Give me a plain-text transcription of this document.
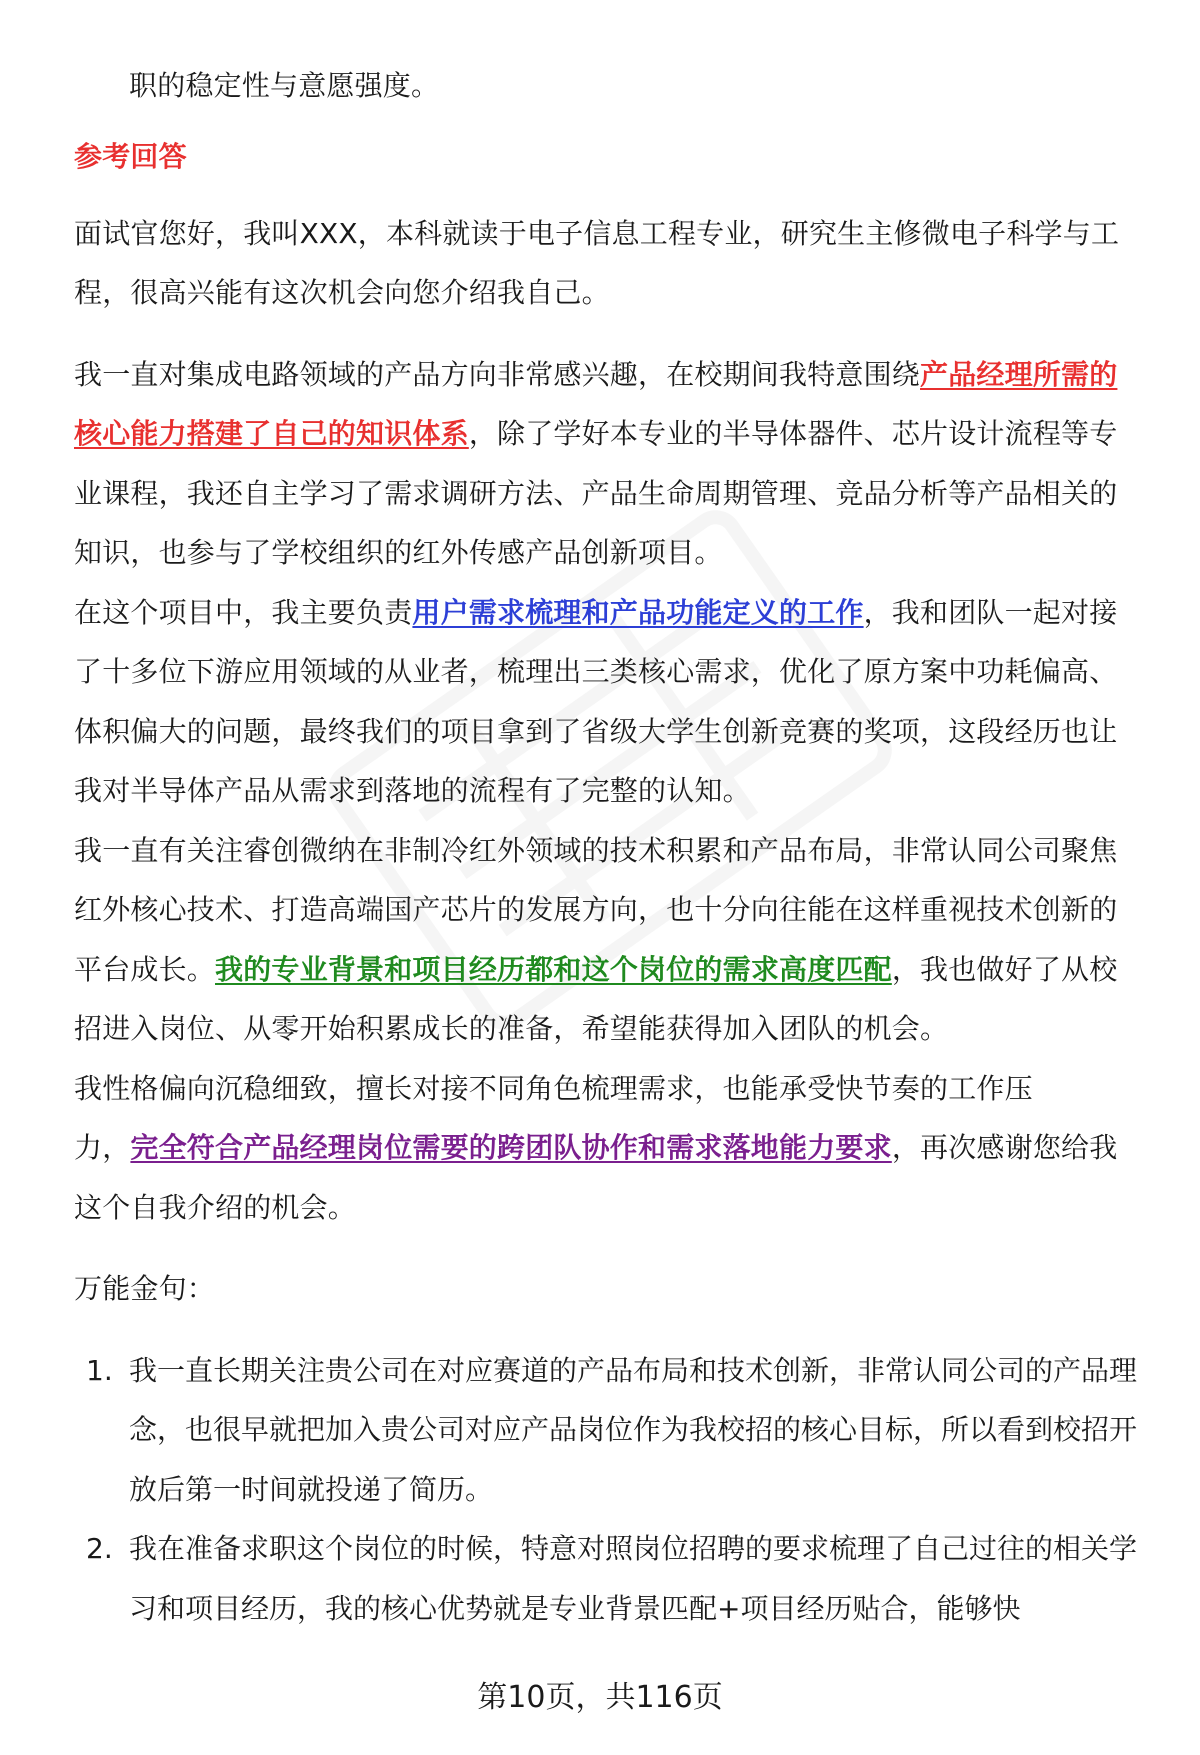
职的稳定性与意愿强度。

参考回答

面试官您好，我叫XXX，本科就读于电子信息工程专业，研究生主修微电子科学与工程，很高兴能有这次机会向您介绍我自己。

我一直对集成电路领域的产品方向非常感兴趣，在校期间我特意围绕产品经理所需的核心能力搭建了自己的知识体系，除了学好本专业的半导体器件、芯片设计流程等专业课程，我还自主学习了需求调研方法、产品生命周期管理、竞品分析等产品相关的知识，也参与了学校组织的红外传感产品创新项目。

在这个项目中，我主要负责用户需求梳理和产品功能定义的工作，我和团队一起对接了十多位下游应用领域的从业者，梳理出三类核心需求，优化了原方案中功耗偏高、体积偏大的问题，最终我们的项目拿到了省级大学生创新竞赛的奖项，这段经历也让我对半导体产品从需求到落地的流程有了完整的认知。

我一直有关注睿创微纳在非制冷红外领域的技术积累和产品布局，非常认同公司聚焦红外核心技术、打造高端国产芯片的发展方向，也十分向往能在这样重视技术创新的平台成长。我的专业背景和项目经历都和这个岗位的需求高度匹配，我也做好了从校招进入岗位、从零开始积累成长的准备，希望能获得加入团队的机会。

我性格偏向沉稳细致，擅长对接不同角色梳理需求，也能承受快节奏的工作压
力，完全符合产品经理岗位需要的跨团队协作和需求落地能力要求，再次感谢您给我这个自我介绍的机会。

万能金句：

1. 我一直长期关注贵公司在对应赛道的产品布局和技术创新，非常认同公司的产品理念，也很早就把加入贵公司对应产品岗位作为我校招的核心目标，所以看到校招开放后第一时间就投递了简历。
2. 我在准备求职这个岗位的时候，特意对照岗位招聘的要求梳理了自己过往的相关学习和项目经历，我的核心优势就是专业背景匹配+项目经历贴合，能够快
第10页，共116页
